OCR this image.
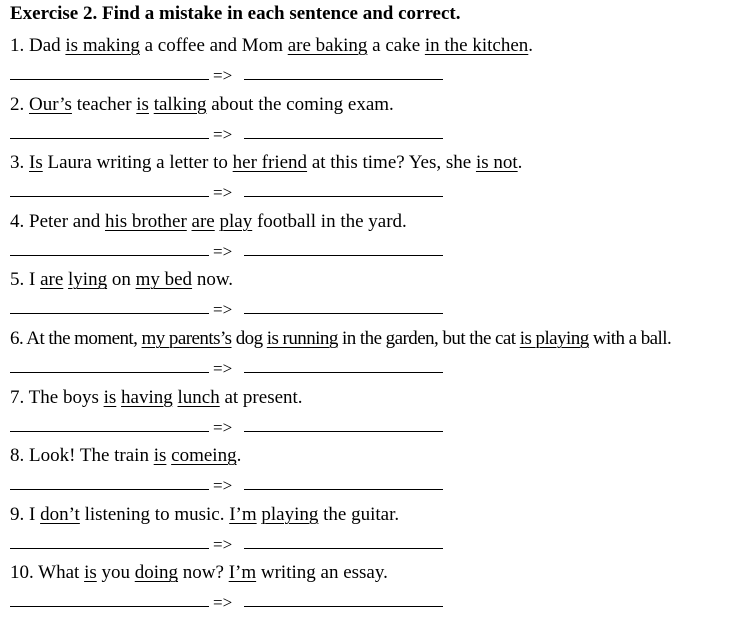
Exercise 2. Find a mistake in each sentence and correct.
1. Dad is making a coffee and Mom are baking a cake in the kitchen.
=>
2. Our’s teacher is talking about the coming exam.
=>
3. Is Laura writing a letter to her friend at this time? Yes, she is not.
=>
4. Peter and his brother are play football in the yard.
=>
5. I are lying on my bed now.
=>
6. At the moment, my parents’s dog is running in the garden, but the cat is playing with a ball.
=>
7. The boys is having lunch at present.
=>
8. Look! The train is comeing.
=>
9. I don’t listening to music. I’m playing the guitar.
=>
10. What is you doing now? I’m writing an essay.
=>
